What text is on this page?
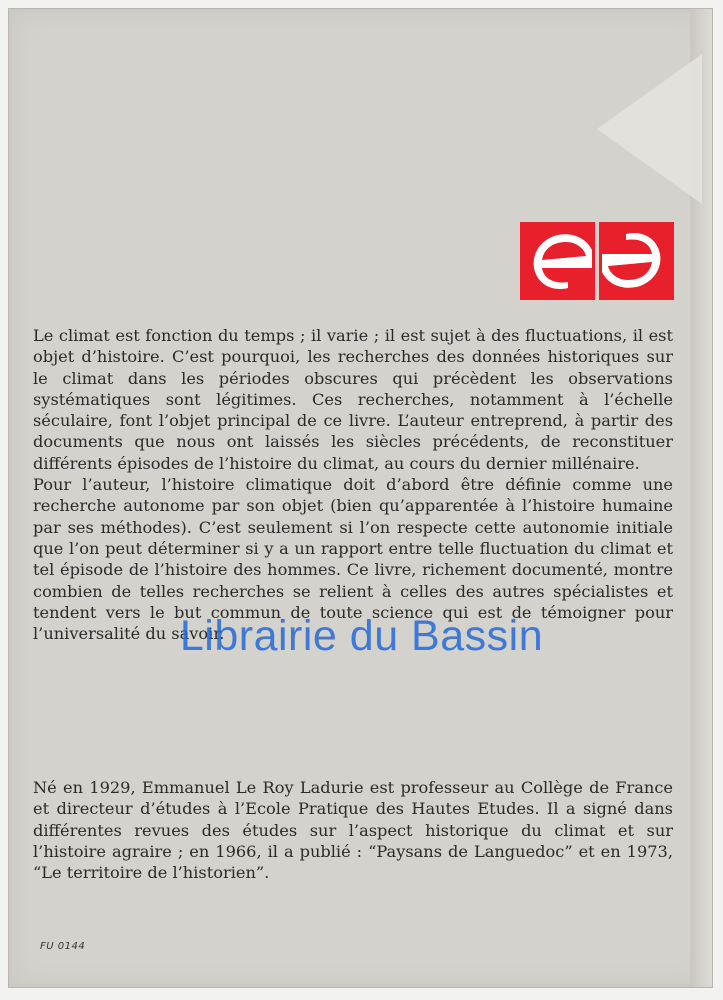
Le climat est fonction du temps ; il varie ; il est sujet à des fluctuations, il est objet d’histoire. C’est pourquoi, les recherches des données historiques sur le climat dans les périodes obscures qui précèdent les observations systématiques sont légitimes. Ces recherches, notamment à l’échelle séculaire, font l’objet principal de ce livre. L’auteur entreprend, à partir des documents que nous ont laissés les siècles précédents, de reconstituer différents épisodes de l’histoire du climat, au cours du dernier millénaire.

Pour l’auteur, l’histoire climatique doit d’abord être définie comme une recherche autonome par son objet (bien qu’apparentée à l’histoire humaine par ses méthodes). C’est seulement si l’on respecte cette autonomie initiale que l’on peut déterminer si y a un rapport entre telle fluctuation du climat et tel épisode de l’histoire des hommes. Ce livre, richement documenté, montre combien de telles recherches se relient à celles des autres spécialistes et tendent vers le but commun de toute science qui est de témoigner pour l’universalité du savoir.

Né en 1929, Emmanuel Le Roy Ladurie est professeur au Collège de France et directeur d’études à l’Ecole Pratique des Hautes Etudes. Il a signé dans différentes revues des études sur l’aspect historique du climat et sur l’histoire agraire ; en 1966, il a publié : “Paysans de Languedoc” et en 1973, “Le territoire de l’historien”.

FU 0144
Librairie du Bassin
